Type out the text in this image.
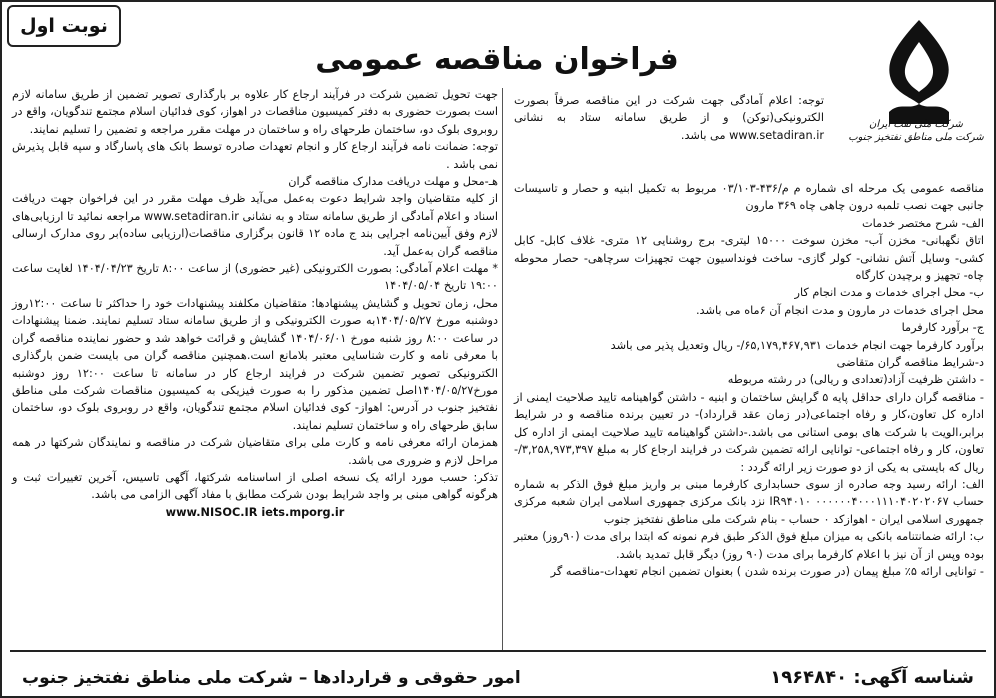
نوبت اول
فراخوان مناقصه عمومی
شرکت ملی نفت ایران
شرکت ملی مناطق نفتخیز جنوب

توجه: اعلام آمادگی جهت شرکت در این مناقصه صرفاً بصورت الکترونیکی(توکن) و از طریق سامانه ستاد به نشانی www.setadiran.ir می باشد.

مناقصه عمومی یک مرحله ای شماره م م/۴۳۶-۰۳/۱۰۳ مربوط به تکمیل ابنیه و حصار و تاسیسات جانبی جهت نصب تلمبه درون چاهی چاه ۳۶۹ مارون

الف- شرح مختصر خدمات

اتاق نگهبانی- مخزن آب- مخزن سوخت ۱۵۰۰۰ لیتری- برج روشنایی ۱۲ متری- غلاف کابل- کابل کشی- وسایل آتش نشانی- کولر گازی- ساخت فونداسیون جهت تجهیزات سرچاهی- حصار محوطه چاه- تجهیز و برچیدن کارگاه

ب- محل اجرای خدمات و مدت انجام کار

محل اجرای خدمات در مارون و مدت انجام آن ۶ماه می باشد.

ج- برآورد کارفرما

برآورد کارفرما جهت انجام خدمات ۶۵,۱۷۹,۴۶۷,۹۳۱/- ریال وتعدیل پذیر می باشد

د-شرایط مناقصه گران متقاضی

- داشتن ظرفیت آزاد(تعدادی و ریالی) در رشته مربوطه

- مناقصه گران دارای حداقل پایه ۵ گرایش ساختمان و ابنیه - داشتن گواهینامه تایید صلاحیت ایمنی از اداره کل تعاون،کار و رفاه اجتماعی(در زمان عقد قرارداد)- در تعیین برنده مناقصه و در شرایط برابر،الویت با شرکت های بومی استانی می باشد.-داشتن گواهینامه تایید صلاحیت ایمنی از اداره کل تعاون، کار و رفاه اجتماعی- توانایی ارائه تضمین شرکت در فرایند ارجاع کار به مبلغ ۳,۲۵۸,۹۷۳,۳۹۷/- ریال که بایستی به یکی از دو صورت زیر ارائه گردد :

الف: ارائه رسید وجه صادره از سوی حسابداری کارفرما مبنی بر واریز مبلغ فوق الذکر به شماره حساب ۰۰۰۰۰۰۴۰۰۰۱۱۱۰۴۰۲۰۲۰۶۷ IR۹۴۰۱۰ نزد بانک مرکزی جمهوری اسلامی ایران شعبه مرکزی جمهوری اسلامی ایران - اهوازکد ۰ حساب - بنام شرکت ملی مناطق نفتخیز جنوب

ب: ارائه ضمانتنامه بانکی به میزان مبلغ فوق الذکر طبق فرم نمونه که ابتدا برای مدت (۹۰روز) معتبر بوده وپس از آن نیز با اعلام کارفرما برای مدت (۹۰ روز) دیگر قابل تمدید باشد.

- توانایی ارائه ۵٪ مبلغ پیمان (در صورت برنده شدن ) بعنوان تضمین انجام تعهدات-مناقصه گر

جهت تحویل تضمین شرکت در فرآیند ارجاع کار علاوه بر بارگذاری تصویر تضمین از طریق سامانه لازم است بصورت حضوری به دفتر کمیسیون مناقصات در اهواز، کوی فدائیان اسلام مجتمع تندگویان، واقع در روبروی بلوک دو، ساختمان طرحهای راه و ساختمان در مهلت مقرر مراجعه و تضمین را تسلیم نمایند.

توجه: ضمانت نامه فرآیند ارجاع کار و انجام تعهدات صادره توسط بانک های پاسارگاد و سپه قابل پذیرش نمی باشد .

هـ-محل و مهلت دریافت مدارک مناقصه گران

از کلیه متقاضیان واجد شرایط دعوت به‌عمل می‌آید ظرف مهلت مقرر در این فراخوان جهت دریافت اسناد و اعلام آمادگی از طریق سامانه ستاد و به نشانی www.setadiran.ir مراجعه نمائید تا ارزیابی‌های لازم وفق آیین‌نامه اجرایی بند ج ماده ۱۲ قانون برگزاری مناقصات(ارزیابی ساده)بر روی مدارک ارسالی مناقصه گران به‌عمل آید.

* مهلت اعلام آمادگی: بصورت الکترونیکی (غیر حضوری) از ساعت ۸:۰۰ تاریخ ۱۴۰۴/۰۴/۲۳ لغایت ساعت ۱۹:۰۰ تاریخ ۱۴۰۴/۰۵/۰۴

محل، زمان تحویل و گشایش پیشنهادها: متقاضیان مکلفند پیشنهادات خود را حداکثر تا ساعت ۱۲:۰۰روز دوشنبه مورخ ۱۴۰۴/۰۵/۲۷به صورت الکترونیکی و از طریق سامانه ستاد تسلیم نمایند. ضمنا پیشنهادات در ساعت ۸:۰۰ روز شنبه مورخ ۱۴۰۴/۰۶/۰۱ گشایش و قرائت خواهد شد و حضور نماینده مناقصه گران با معرفی نامه و کارت شناسایی معتبر بلامانع است.همچنین مناقصه گران می بایست ضمن بارگذاری الکترونیکی تصویر تضمین شرکت در فرایند ارجاع کار در سامانه تا ساعت ۱۲:۰۰ روز دوشنبه مورخ۱۴۰۴/۰۵/۲۷اصل تضمین مذکور را به صورت فیزیکی به کمیسیون مناقصات شرکت ملی مناطق نفتخیز جنوب در آدرس: اهواز- کوی فدائیان اسلام مجتمع تندگویان، واقع در روبروی بلوک دو، ساختمان سابق طرحهای راه و ساختمان تسلیم نمایند.

همزمان ارائه معرفی نامه و کارت ملی برای متقاضیان شرکت در مناقصه و نمایندگان شرکتها در همه مراحل لازم و ضروری می باشد.

تذکر: حسب مورد ارائه یک نسخه اصلی از اساسنامه شرکتها، آگهی تاسیس، آخرین تغییرات ثبت و هرگونه گواهی مبنی بر واجد شرایط بودن شرکت مطابق با مفاد آگهی الزامی می باشد.

www.NISOC.IR iets.mporg.ir

شناسه آگهی: ۱۹۶۴۸۴۰
امور حقوقی و قراردادها – شرکت ملی مناطق نفتخیز جنوب
